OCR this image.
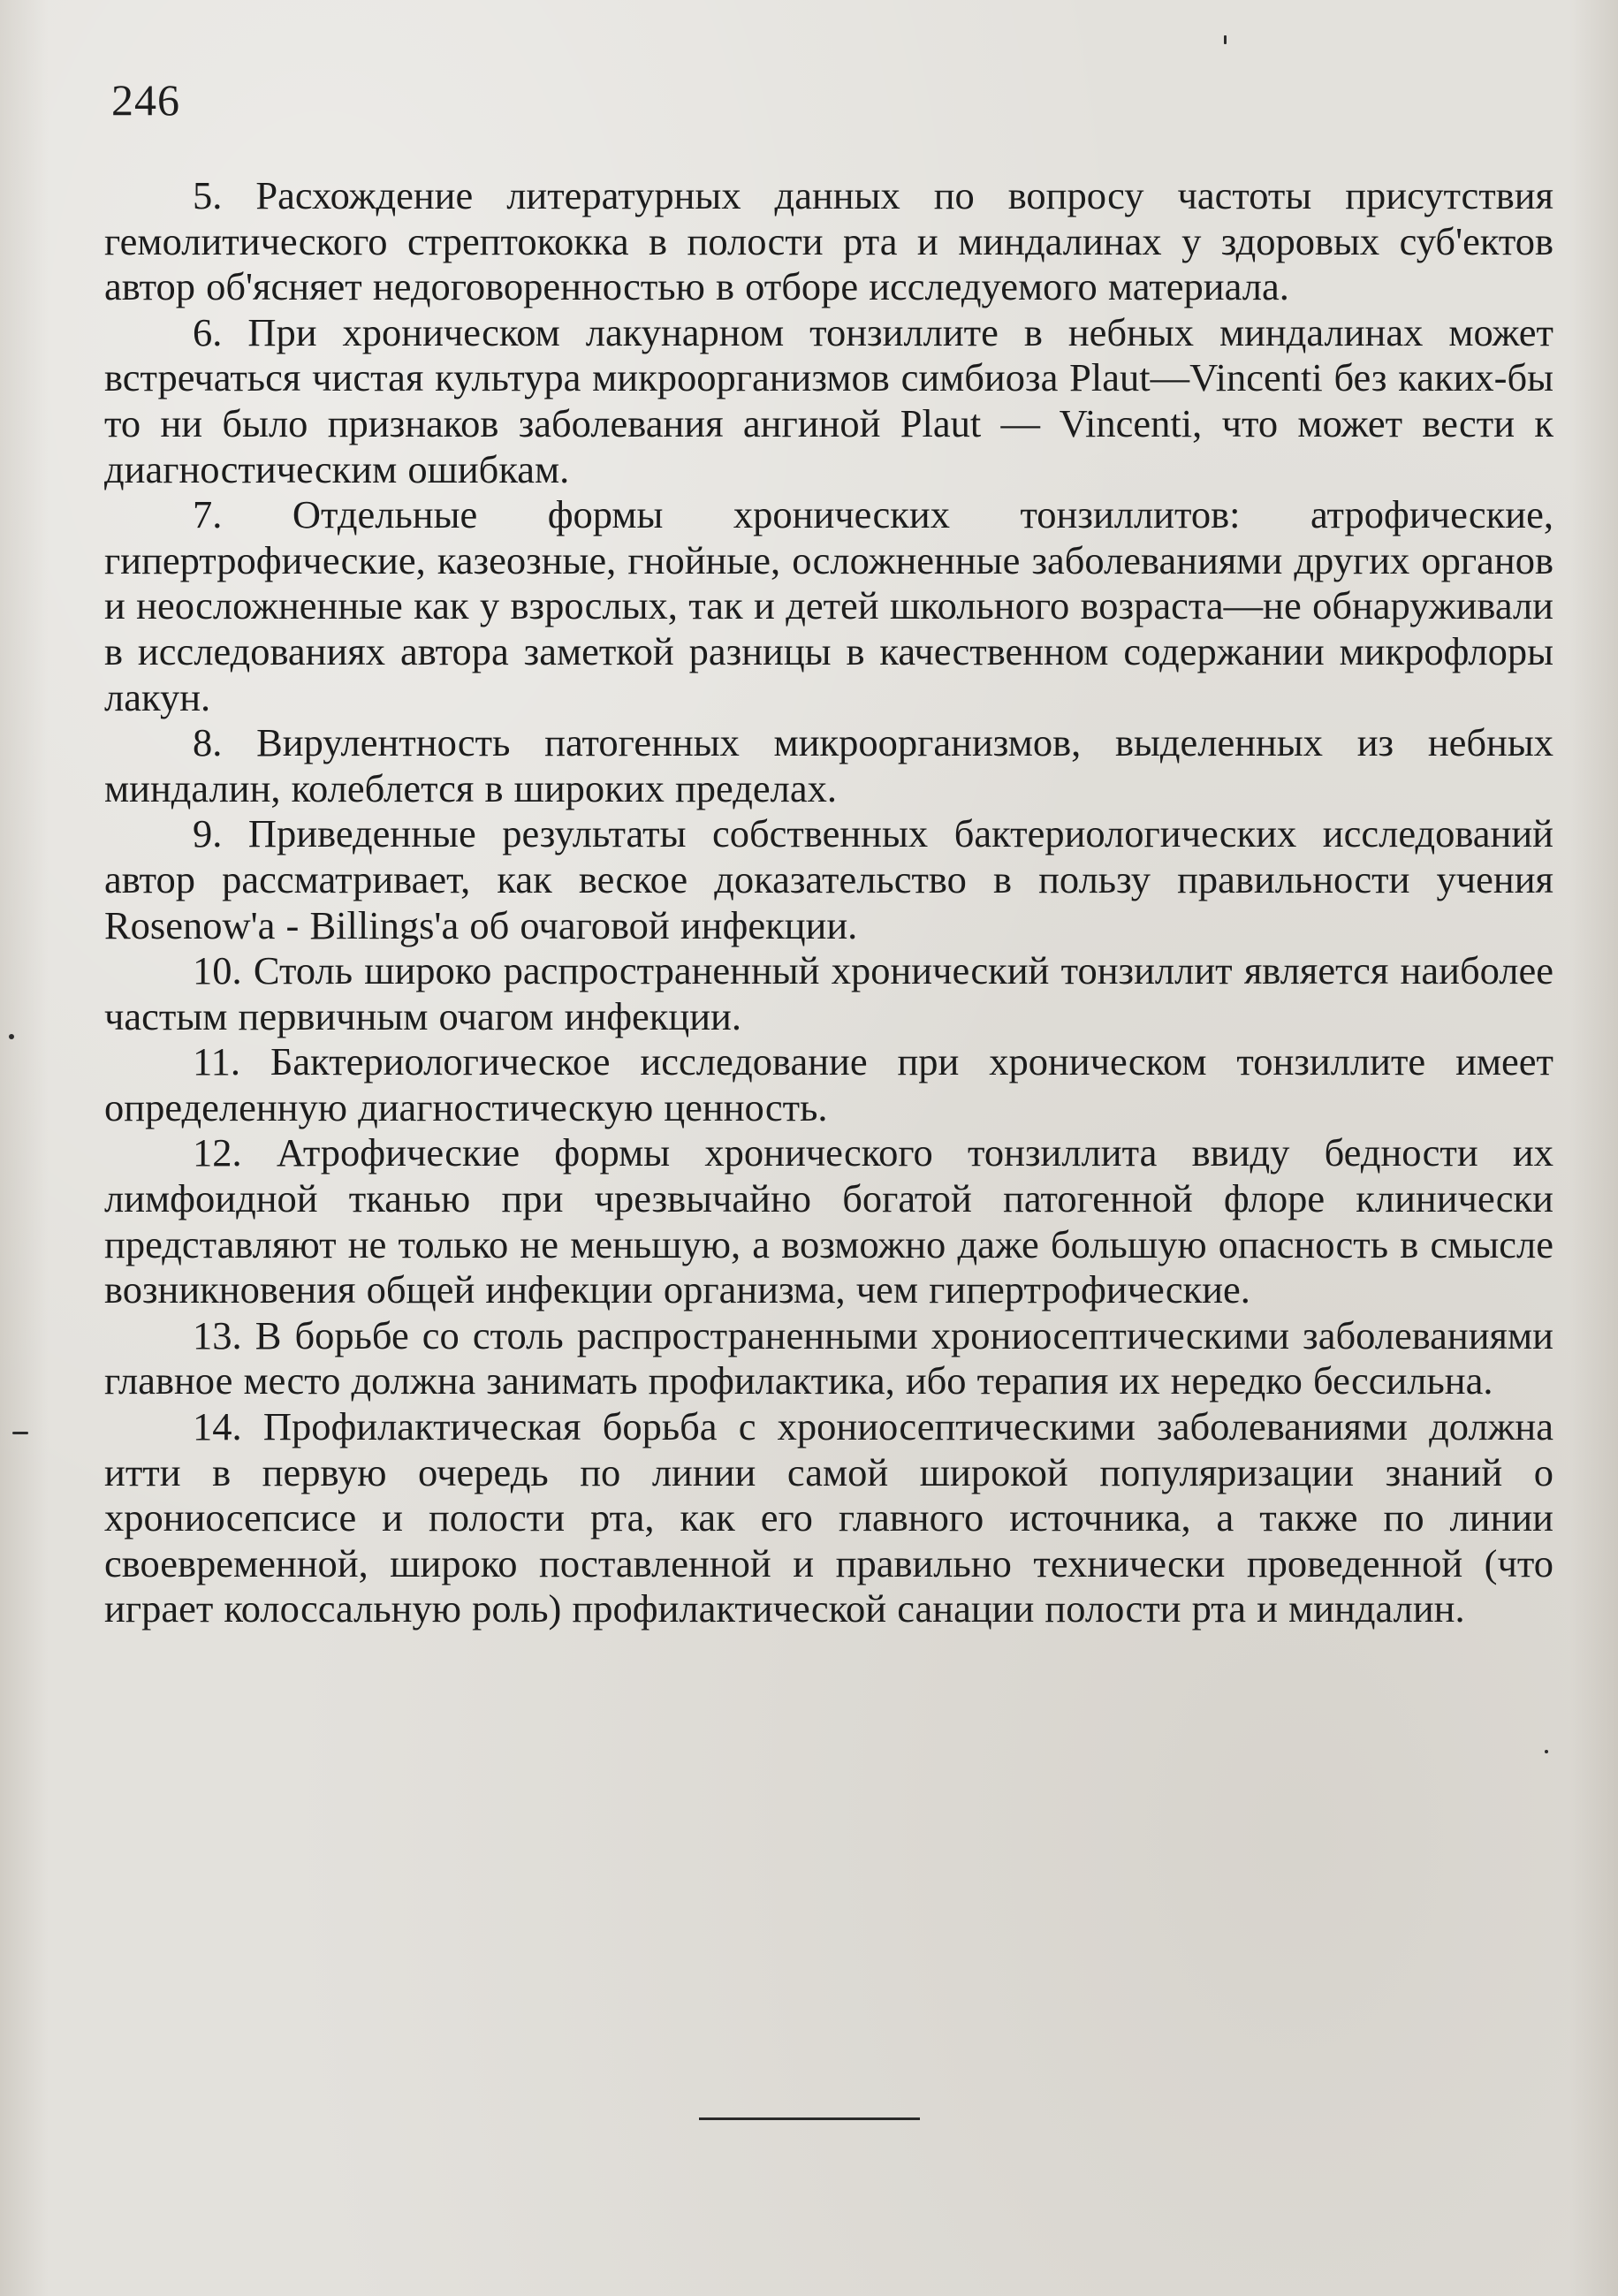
246

5. Расхождение литературных данных по вопросу частоты присутствия гемолитического стрептококка в полости рта и миндалинах у здоровых суб'ектов автор об'ясняет недоговоренностью в отборе исследуемого материала.

6. При хроническом лакунарном тонзиллите в небных миндалинах может встречаться чистая культура микроорганизмов симбиоза Plaut—Vincenti без каких-бы то ни было признаков заболевания ангиной Plaut — Vincenti, что может вести к диагностическим ошибкам.

7. Отдельные формы хронических тонзиллитов: атрофические, гипертрофические, казеозные, гнойные, осложненные заболеваниями других органов и неосложненные как у взрослых, так и детей школьного возраста—не обнаруживали в исследованиях автора заметкой разницы в качественном содержании микрофлоры лакун.

8. Вирулентность патогенных микроорганизмов, выделенных из небных миндалин, колеблется в широких пределах.

9. Приведенные результаты собственных бактериологических исследований автор рассматривает, как веское доказательство в пользу правильности учения Rosenow'a - Billings'a об очаговой инфекции.

10. Столь широко распространенный хронический тонзиллит является наиболее частым первичным очагом инфекции.

11. Бактериологическое исследование при хроническом тонзиллите имеет определенную диагностическую ценность.

12. Атрофические формы хронического тонзиллита ввиду бедности их лимфоидной тканью при чрезвычайно богатой патогенной флоре клинически представляют не только не меньшую, а возможно даже большую опасность в смысле возникновения общей инфекции организма, чем гипертрофические.

13. В борьбе со столь распространенными хрониосептическими заболеваниями главное место должна занимать профилактика, ибо терапия их нередко бессильна.

14. Профилактическая борьба с хрониосептическими заболеваниями должна итти в первую очередь по линии самой широкой популяризации знаний о хрониосепсисе и полости рта, как его главного источника, а также по линии своевременной, широко поставленной и правильно технически проведенной (что играет колоссальную роль) профилактической санации полости рта и миндалин.
